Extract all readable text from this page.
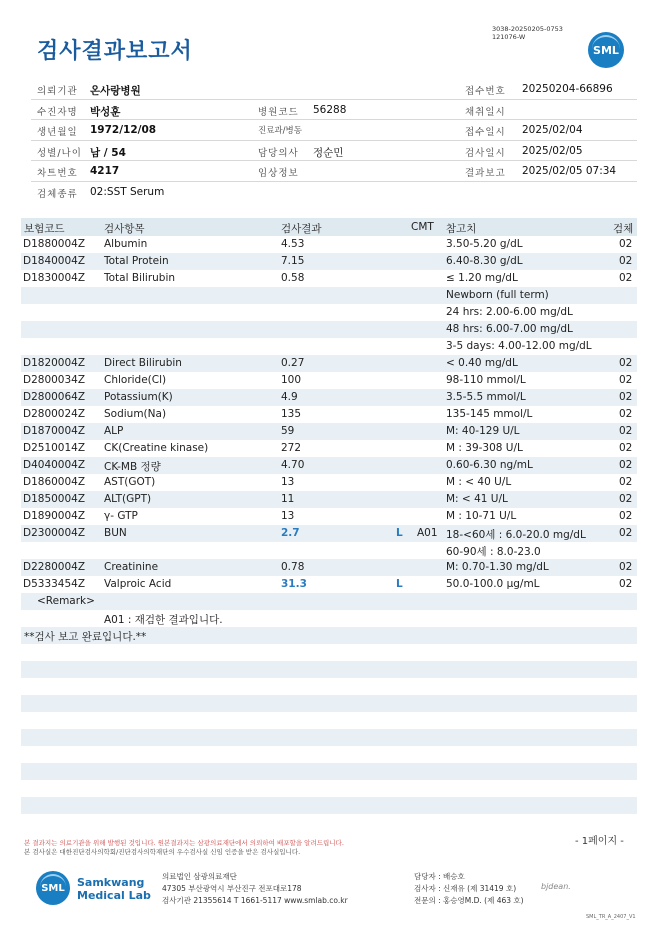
검사결과보고서
3038-20250205-0753
121076-W
SML
의뢰기관 온사랑병원	접수번호 20250204-66896
수진자명 박성훈	병원코드 56288	채취일시
생년월일 1972/12/08	진료과/병동	접수일시 2025/02/04
성별/나이 남 / 54	담당의사 정순민	검사일시 2025/02/05
차트번호 4217	임상정보	결과보고 2025/02/05 07:34
검체종류 02:SST Serum
보험코드	검사항목	검사결과	CMT 참고치	검체
D1880004Z Albumin	4.53	3.50-5.20 g/dL	02
D1840004Z Total Protein	7.15	6.40-8.30 g/dL	02
D1830004Z Total Bilirubin	0.58	≤ 1.20 mg/dL	02
Newborn (full term)
24 hrs: 2.00-6.00 mg/dL
48 hrs: 6.00-7.00 mg/dL
3-5 days: 4.00-12.00 mg/dL
D1820004Z Direct Bilirubin	0.27	< 0.40 mg/dL	02
D2800034Z Chloride(Cl)	100	98-110 mmol/L	02
D2800064Z Potassium(K)	4.9	3.5-5.5 mmol/L	02
D2800024Z Sodium(Na)	135	135-145 mmol/L	02
D1870004Z ALP	59	M: 40-129 U/L	02
D2510014Z CK(Creatine kinase)	272	M : 39-308 U/L	02
D4040004Z CK-MB 정량	4.70	0.60-6.30 ng/mL	02
D1860004Z AST(GOT)	13	M : < 40 U/L	02
D1850004Z ALT(GPT)	11	M: < 41 U/L	02
D1890004Z γ- GTP	13	M : 10-71 U/L	02
D2300004Z BUN	2.7	L A01 18-<60세 : 6.0-20.0 mg/dL	02
60-90세 : 8.0-23.0
D2280004Z Creatinine	0.78	M: 0.70-1.30 mg/dL	02
D5333454Z Valproic Acid	31.3	L	50.0-100.0 μg/mL	02
<Remark>
A01 : 재검한 결과입니다.
**검사 보고 완료입니다.**
본 결과지는 의료기관을 위해 발행된 것입니다. 원본결과지는 삼광의료재단에서 의뢰하여 배포할을 알려드립니다.
본 검사실은 대한진단검사의학회/진단검사의학재단의 우수검사실 신임 인증을 받은 검사실입니다.
- 1페이지 -
SML Samkwang
Medical Lab
의료법인 삼광의료재단
47305 부산광역시 부산진구 전포대로178
검사기관 21355614 T 1661-5117 www.smlab.co.kr
담당자 : 배승호
검사자 : 신재유 (제 31419 호)
전문의 : 홍승영M.D. (제 463 호)
bjdean.
SML_TR_A_2407_V1
